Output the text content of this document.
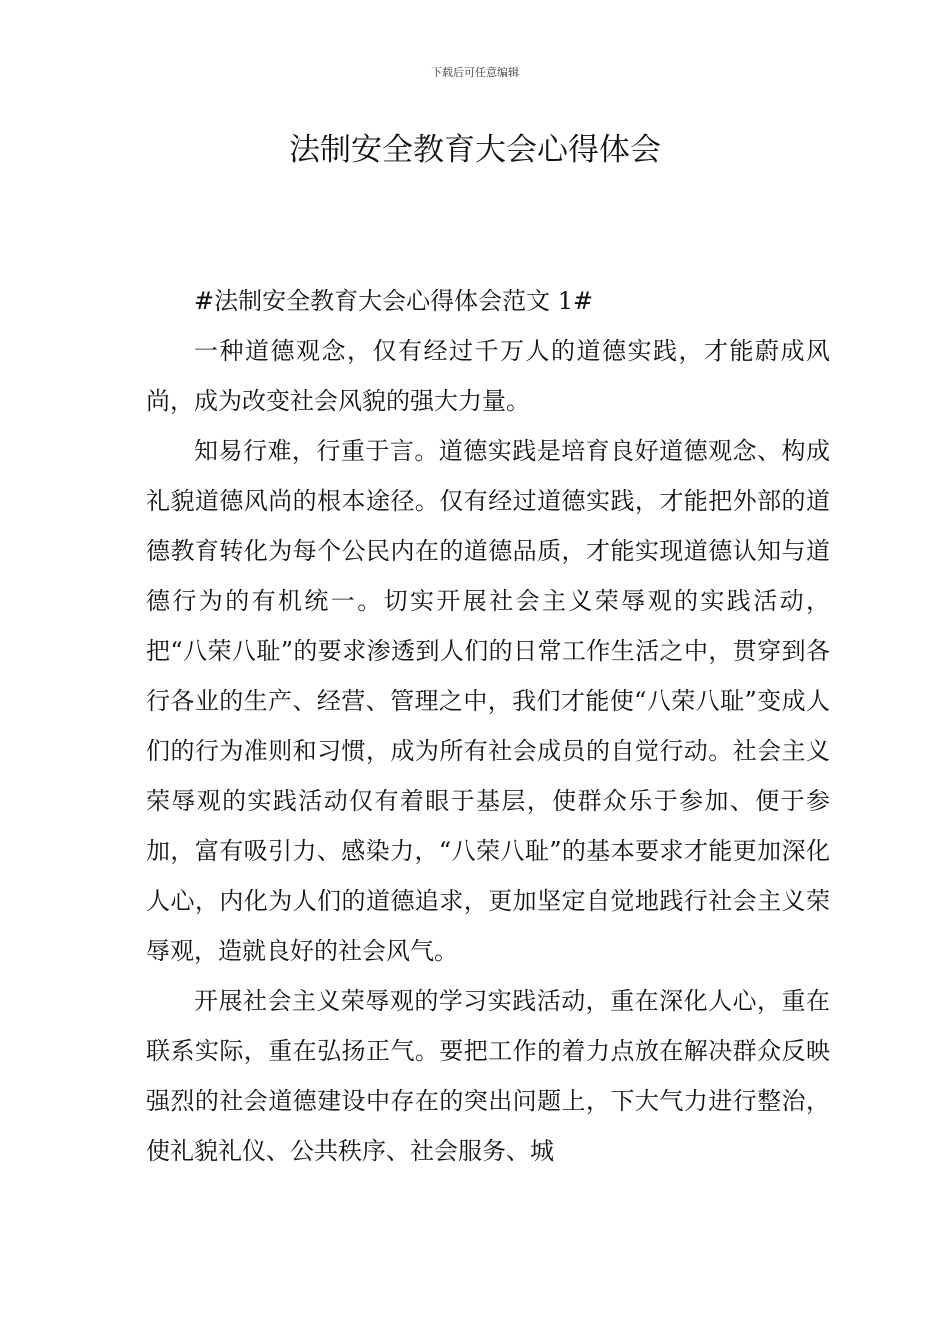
下载后可任意编辑
法制安全教育大会心得体会

#法制安全教育大会心得体会范文 1#

一种道德观念，仅有经过千万人的道德实践，才能蔚成风尚，成为改变社会风貌的强大力量。

知易行难，行重于言。道德实践是培育良好道德观念、构成礼貌道德风尚的根本途径。仅有经过道德实践，才能把外部的道德教育转化为每个公民内在的道德品质，才能实现道德认知与道德行为的有机统一。切实开展社会主义荣辱观的实践活动，把“八荣八耻”的要求渗透到人们的日常工作生活之中，贯穿到各行各业的生产、经营、管理之中，我们才能使“八荣八耻”变成人们的行为准则和习惯，成为所有社会成员的自觉行动。社会主义荣辱观的实践活动仅有着眼于基层，使群众乐于参加、便于参加，富有吸引力、感染力，“八荣八耻”的基本要求才能更加深化人心，内化为人们的道德追求，更加坚定自觉地践行社会主义荣辱观，造就良好的社会风气。

开展社会主义荣辱观的学习实践活动，重在深化人心，重在联系实际，重在弘扬正气。要把工作的着力点放在解决群众反映强烈的社会道德建设中存在的突出问题上，下大气力进行整治，使礼貌礼仪、公共秩序、社会服务、城
